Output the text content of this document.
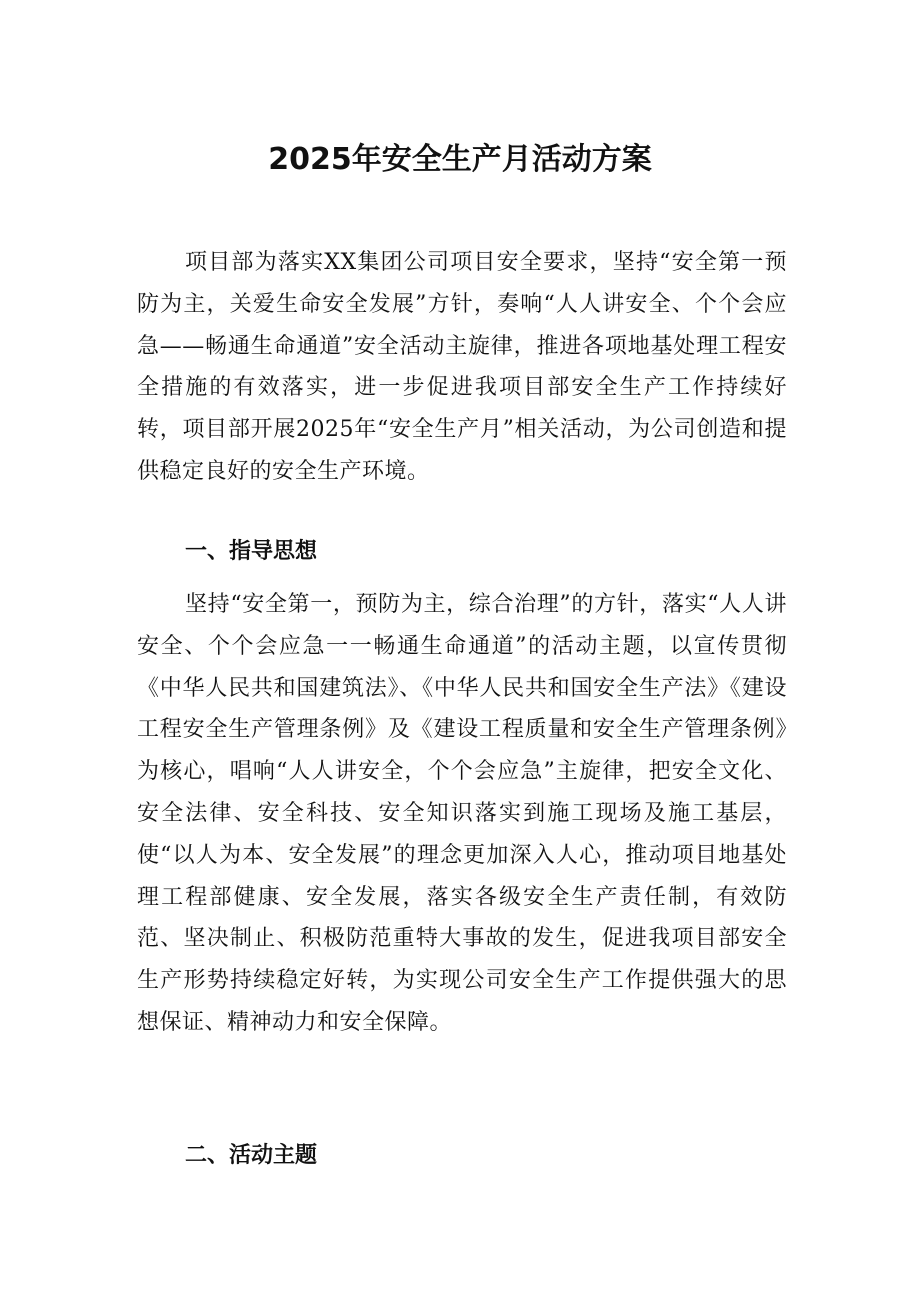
2025年安全生产月活动方案

项目部为落实XX集团公司项目安全要求，坚持“安全第一预防为主，关爱生命安全发展”方针，奏响“人人讲安全、个个会应急——畅通生命通道”安全活动主旋律，推进各项地基处理工程安全措施的有效落实，进一步促进我项目部安全生产工作持续好转，项目部开展2025年“安全生产月”相关活动，为公司创造和提供稳定良好的安全生产环境。

一、指导思想

坚持“安全第一，预防为主，综合治理”的方针，落实“人人讲安全、个个会应急一一畅通生命通道”的活动主题，以宣传贯彻《中华人民共和国建筑法》、《中华人民共和国安全生产法》《建设工程安全生产管理条例》及《建设工程质量和安全生产管理条例》为核心，唱响“人人讲安全，个个会应急”主旋律，把安全文化、安全法律、安全科技、安全知识落实到施工现场及施工基层，使“以人为本、安全发展”的理念更加深入人心，推动项目地基处理工程部健康、安全发展，落实各级安全生产责任制，有效防范、坚决制止、积极防范重特大事故的发生，促进我项目部安全生产形势持续稳定好转，为实现公司安全生产工作提供强大的思想保证、精神动力和安全保障。

二、活动主题
